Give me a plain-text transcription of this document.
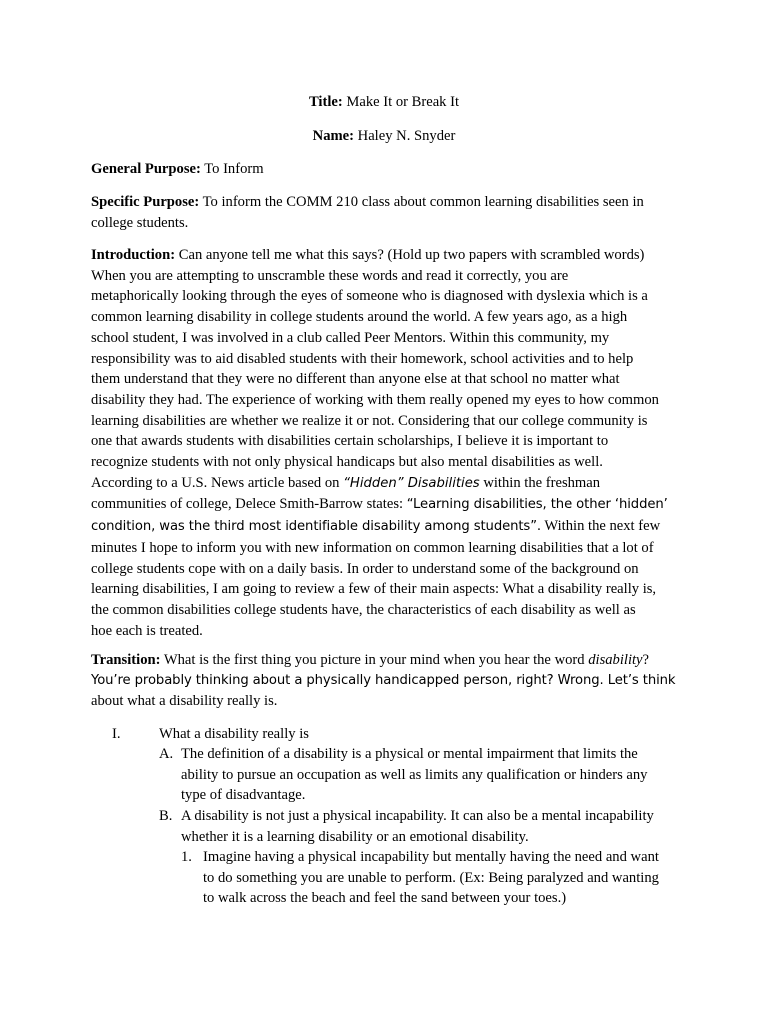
Title: Make It or Break It

Name: Haley N. Snyder

General Purpose: To Inform

Specific Purpose: To inform the COMM 210 class about common learning disabilities seen in
college students.
Introduction: Can anyone tell me what this says? (Hold up two papers with scrambled words)
When you are attempting to unscramble these words and read it correctly, you are
metaphorically looking through the eyes of someone who is diagnosed with dyslexia which is a
common learning disability in college students around the world. A few years ago, as a high
school student, I was involved in a club called Peer Mentors. Within this community, my
responsibility was to aid disabled students with their homework, school activities and to help
them understand that they were no different than anyone else at that school no matter what
disability they had. The experience of working with them really opened my eyes to how common
learning disabilities are whether we realize it or not. Considering that our college community is
one that awards students with disabilities certain scholarships, I believe it is important to
recognize students with not only physical handicaps but also mental disabilities as well.
According to a U.S. News article based on “Hidden” Disabilities within the freshman
communities of college, Delece Smith-Barrow states: “Learning disabilities, the other ‘hidden’
condition, was the third most identifiable disability among students”. Within the next few
minutes I hope to inform you with new information on common learning disabilities that a lot of
college students cope with on a daily basis. In order to understand some of the background on
learning disabilities, I am going to review a few of their main aspects: What a disability really is,
the common disabilities college students have, the characteristics of each disability as well as
hoe each is treated.
Transition: What is the first thing you picture in your mind when you hear the word disability?
You’re probably thinking about a physically handicapped person, right? Wrong. Let’s think
about what a disability really is.
I.	What a disability really is
A. The definition of a disability is a physical or mental impairment that limits the
ability to pursue an occupation as well as limits any qualification or hinders any
type of disadvantage.
B. A disability is not just a physical incapability. It can also be a mental incapability
whether it is a learning disability or an emotional disability.
1. Imagine having a physical incapability but mentally having the need and want
to do something you are unable to perform. (Ex: Being paralyzed and wanting
to walk across the beach and feel the sand between your toes.)
